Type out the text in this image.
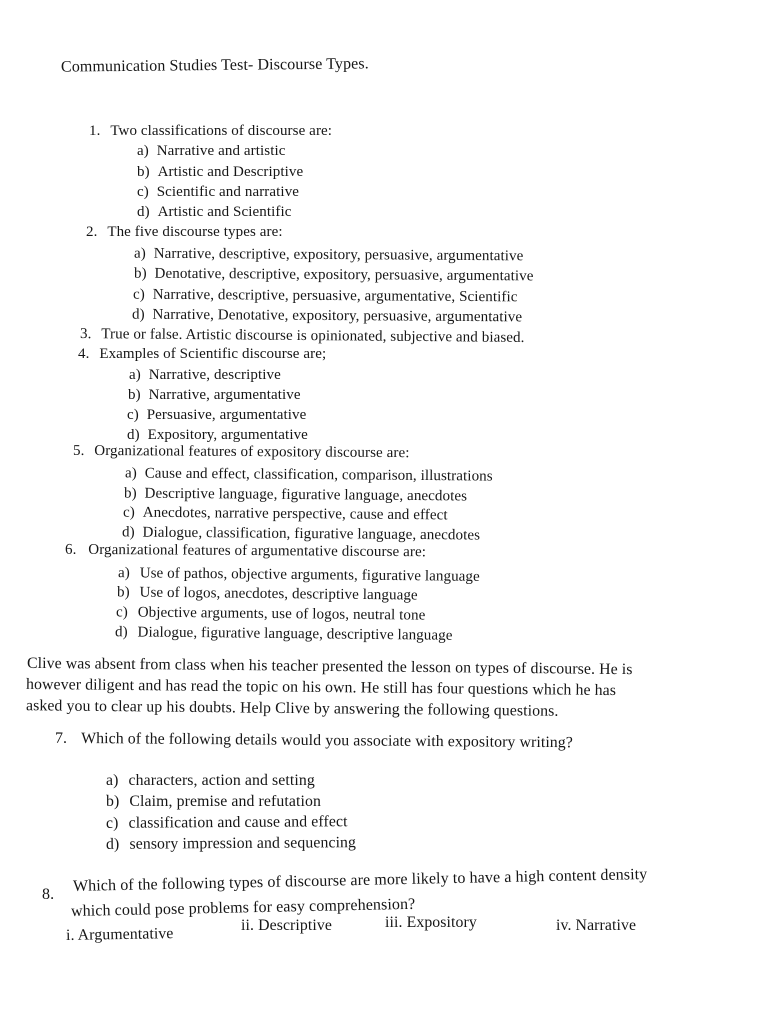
Communication Studies Test- Discourse Types.
1. Two classifications of discourse are:
a) Narrative and artistic
b) Artistic and Descriptive
c) Scientific and narrative
d) Artistic and Scientific
2. The five discourse types are:
a) Narrative, descriptive, expository, persuasive, argumentative
b) Denotative, descriptive, expository, persuasive, argumentative
c) Narrative, descriptive, persuasive, argumentative, Scientific
d) Narrative, Denotative, expository, persuasive, argumentative
3. True or false. Artistic discourse is opinionated, subjective and biased.
4. Examples of Scientific discourse are;
a) Narrative, descriptive
b) Narrative, argumentative
c) Persuasive, argumentative
d) Expository, argumentative
5. Organizational features of expository discourse are:
a) Cause and effect, classification, comparison, illustrations
b) Descriptive language, figurative language, anecdotes
c) Anecdotes, narrative perspective, cause and effect
d) Dialogue, classification, figurative language, anecdotes
6. Organizational features of argumentative discourse are:
a) Use of pathos, objective arguments, figurative language
b) Use of logos, anecdotes, descriptive language
c) Objective arguments, use of logos, neutral tone
d) Dialogue, figurative language, descriptive language
Clive was absent from class when his teacher presented the lesson on types of discourse. He is
however diligent and has read the topic on his own. He still has four questions which he has
asked you to clear up his doubts. Help Clive by answering the following questions.
7. Which of the following details would you associate with expository writing?
a) characters, action and setting
b) Claim, premise and refutation
c) classification and cause and effect
d) sensory impression and sequencing
8. Which of the following types of discourse are more likely to have a high content density
which could pose problems for easy comprehension?
i. Argumentative	ii. Descriptive	iii. Expository	iv. Narrative
